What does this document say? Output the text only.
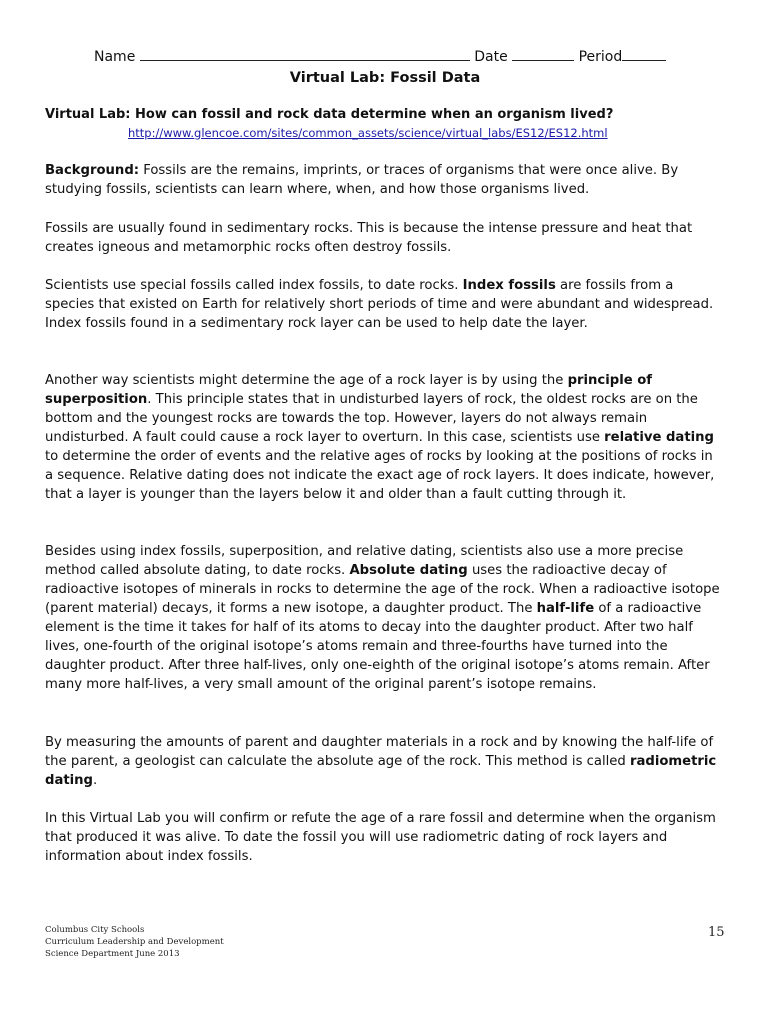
Name	Date	Period
Virtual Lab: Fossil Data
Virtual Lab: How can fossil and rock data determine when an organism lived?
http://www.glencoe.com/sites/common_assets/science/virtual_labs/ES12/ES12.html

Background: Fossils are the remains, imprints, or traces of organisms that were once alive. By studying fossils, scientists can learn where, when, and how those organisms lived.

Fossils are usually found in sedimentary rocks. This is because the intense pressure and heat that creates igneous and metamorphic rocks often destroy fossils.

Scientists use special fossils called index fossils, to date rocks. Index fossils are fossils from a species that existed on Earth for relatively short periods of time and were abundant and widespread. Index fossils found in a sedimentary rock layer can be used to help date the layer.

Another way scientists might determine the age of a rock layer is by using the principle of superposition. This principle states that in undisturbed layers of rock, the oldest rocks are on the bottom and the youngest rocks are towards the top. However, layers do not always remain undisturbed. A fault could cause a rock layer to overturn. In this case, scientists use relative dating to determine the order of events and the relative ages of rocks by looking at the positions of rocks in a sequence. Relative dating does not indicate the exact age of rock layers. It does indicate, however, that a layer is younger than the layers below it and older than a fault cutting through it.

Besides using index fossils, superposition, and relative dating, scientists also use a more precise method called absolute dating, to date rocks. Absolute dating uses the radioactive decay of radioactive isotopes of minerals in rocks to determine the age of the rock. When a radioactive isotope (parent material) decays, it forms a new isotope, a daughter product. The half-life of a radioactive element is the time it takes for half of its atoms to decay into the daughter product. After two half lives, one-fourth of the original isotope’s atoms remain and three-fourths have turned into the daughter product. After three half-lives, only one-eighth of the original isotope’s atoms remain. After many more half-lives, a very small amount of the original parent’s isotope remains.

By measuring the amounts of parent and daughter materials in a rock and by knowing the half-life of the parent, a geologist can calculate the absolute age of the rock. This method is called radiometric dating.

In this Virtual Lab you will confirm or refute the age of a rare fossil and determine when the organism that produced it was alive. To date the fossil you will use radiometric dating of rock layers and information about index fossils.

Columbus City Schools
Curriculum Leadership and Development
Science Department June 2013
15
